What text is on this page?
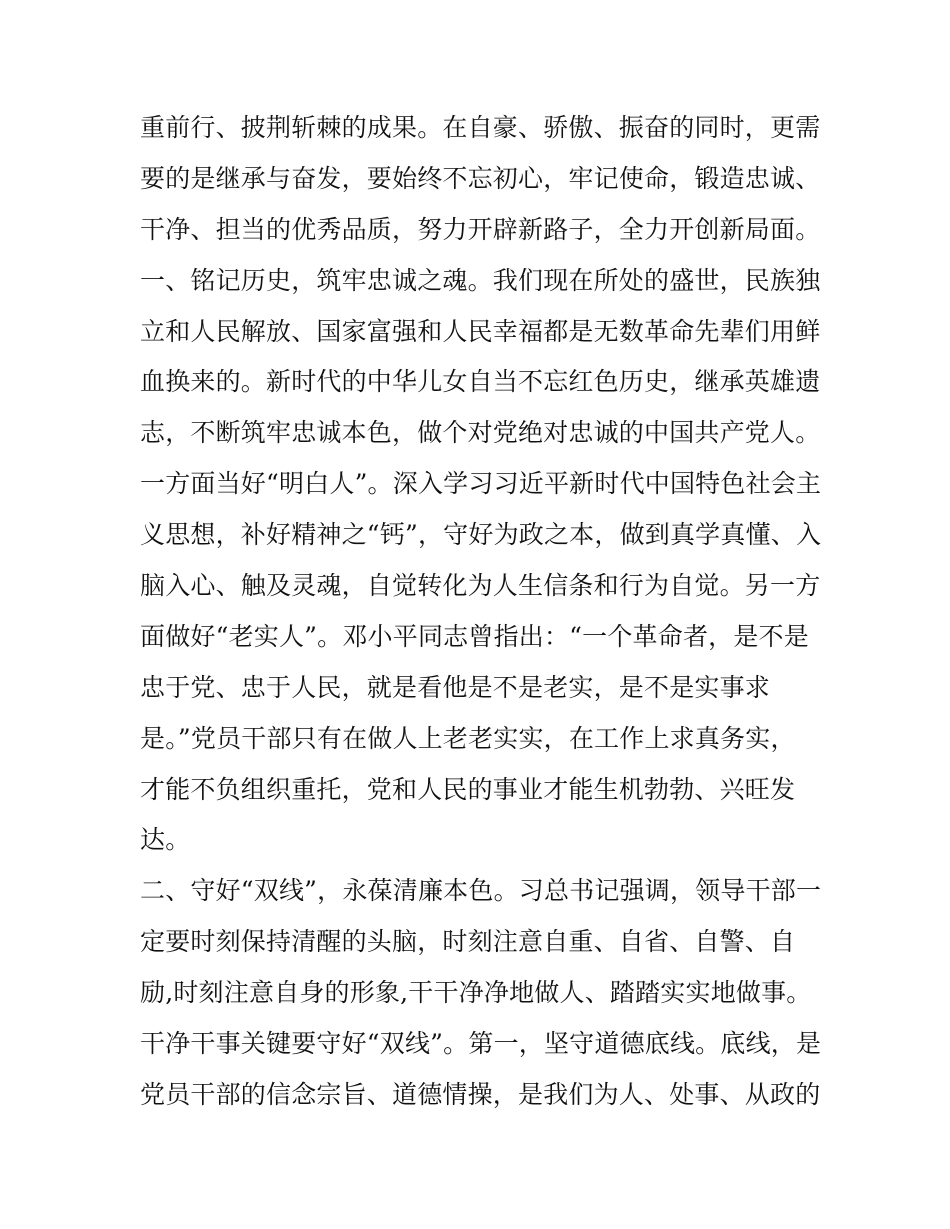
重前行、披荆斩棘的成果。在自豪、骄傲、振奋的同时，更需
要的是继承与奋发，要始终不忘初心，牢记使命，锻造忠诚、
干净、担当的优秀品质，努力开辟新路子，全力开创新局面。
一、铭记历史，筑牢忠诚之魂。我们现在所处的盛世，民族独
立和人民解放、国家富强和人民幸福都是无数革命先辈们用鲜
血换来的。新时代的中华儿女自当不忘红色历史，继承英雄遗
志，不断筑牢忠诚本色，做个对党绝对忠诚的中国共产党人。
一方面当好“明白人”。深入学习习近平新时代中国特色社会主
义思想，补好精神之“钙”，守好为政之本，做到真学真懂、入
脑入心、触及灵魂，自觉转化为人生信条和行为自觉。另一方
面做好“老实人”。邓小平同志曾指出：“一个革命者，是不是
忠于党、忠于人民，就是看他是不是老实，是不是实事求
是。”党员干部只有在做人上老老实实，在工作上求真务实，
才能不负组织重托，党和人民的事业才能生机勃勃、兴旺发
达。
二、守好“双线”，永葆清廉本色。习总书记强调，领导干部一
定要时刻保持清醒的头脑，时刻注意自重、自省、自警、自
励,时刻注意自身的形象,干干净净地做人、踏踏实实地做事。
干净干事关键要守好“双线”。第一，坚守道德底线。底线，是
党员干部的信念宗旨、道德情操，是我们为人、处事、从政的
